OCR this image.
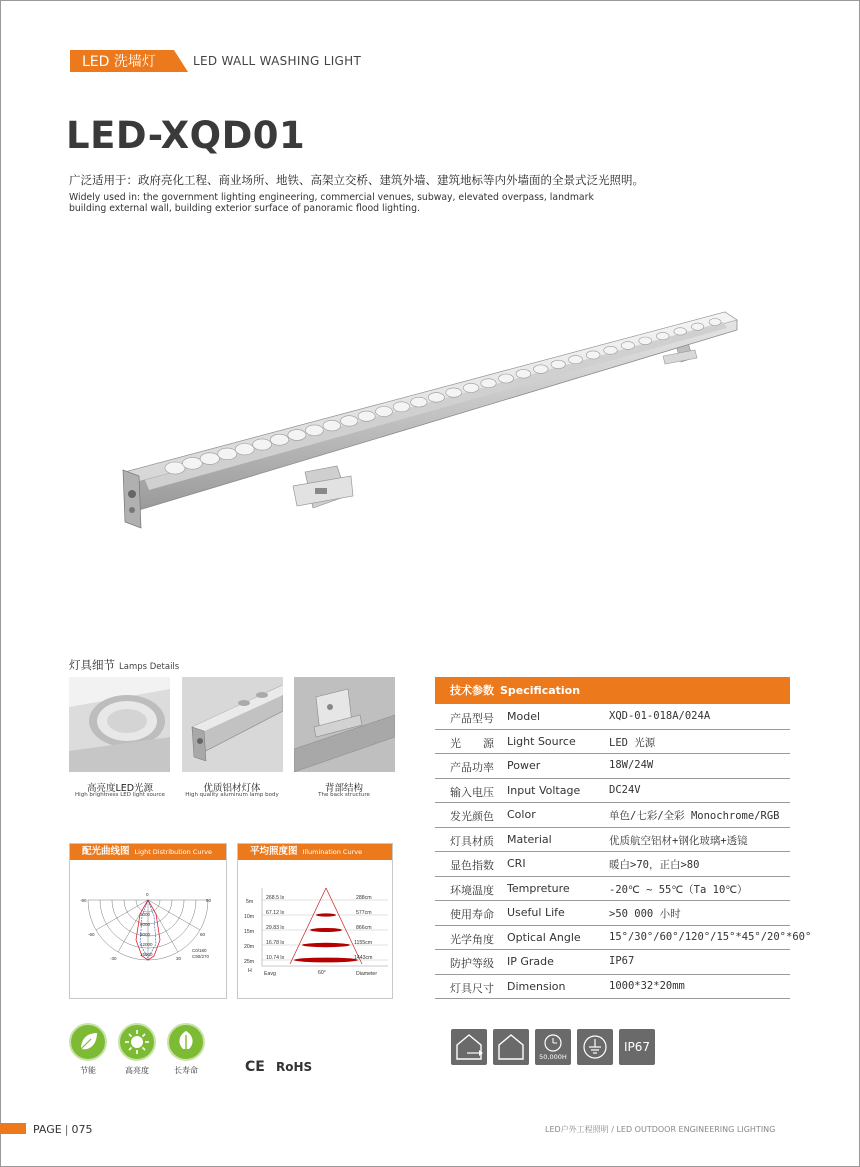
LED 洗墙灯	LED WALL WASHING LIGHT
LED-XQD01
广泛适用于：政府亮化工程、商业场所、地铁、高架立交桥、建筑外墙、建筑地标等内外墙面的全景式泛光照明。
Widely used in: the government lighting engineering, commercial venues, subway, elevated overpass, landmark building external wall, building exterior surface of panoramic flood lighting.
灯具细节 Lamps Details
高亮度LED光源
High brightness LED light source
优质铝材灯体
High quality aluminum lamp body
背部结构
The back structure
配光曲线图 Light Distribution Curve
-90
-60
-30
0
30
60
90
3000
6000
9000
12000
15000
C0/180
C90/270
平均照度图 Illumination Curve
5m
10m
15m
20m
25m
268.5 lx
67.12 lx
29.83 lx
16.78 lx
10.74 lx
288cm
577cm
866cm
1155cm
1443cm
H Eavg	60°	Diameter
技术参数 Specification
产品型号 Model	XQD-01-018A/024A
光　　源 Light Source	LED 光源
产品功率 Power	18W/24W
输入电压 Input Voltage	DC24V
发光颜色 Color	单色/七彩/全彩 Monochrome/RGB
灯具材质 Material	优质航空铝材+钢化玻璃+透镜
显色指数 CRI	暖白>70，正白>80
环境温度 Tempreture	-20℃ ~ 55℃（Ta 10℃）
使用寿命 Useful Life	>50 000 小时
光学角度 Optical Angle	15°/30°/60°/120°/15°*45°/20°*60°
防护等级 IP Grade	IP67
灯具尺寸 Dimension	1000*32*20mm
节能	高亮度	长寿命	CE RoHS
50,000H
IP67
PAGE | 075	LED户外工程照明 / LED OUTDOOR ENGINEERING LIGHTING
